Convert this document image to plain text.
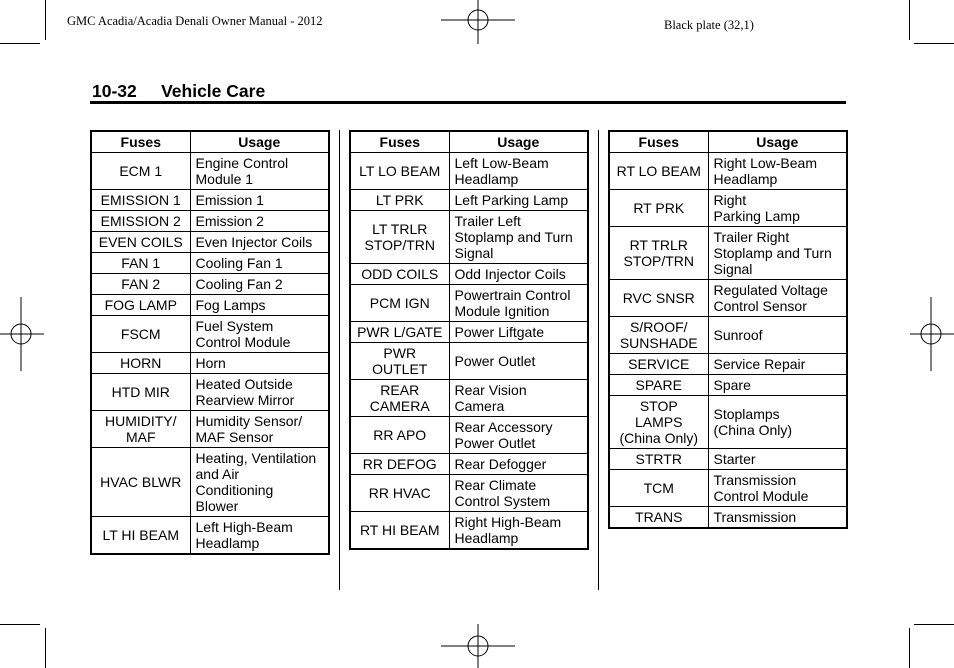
GMC Acadia/Acadia Denali Owner Manual - 2012	Black plate (32,1)
10-32 Vehicle Care
Fuses	Usage
ECM 1	Engine Control
Module 1
EMISSION 1	Emission 1
EMISSION 2	Emission 2
EVEN COILS	Even Injector Coils
FAN 1	Cooling Fan 1
FAN 2	Cooling Fan 2
FOG LAMP	Fog Lamps
FSCM	Fuel System
Control Module
HORN	Horn
HTD MIR	Heated Outside
Rearview Mirror
HUMIDITY/
MAF	Humidity Sensor/
MAF Sensor
HVAC BLWR	Heating, Ventilation
and Air
Conditioning
Blower
LT HI BEAM	Left High-Beam
Headlamp
Fuses	Usage
LT LO BEAM	Left Low-Beam
Headlamp
LT PRK	Left Parking Lamp
LT TRLR
STOP/TRN	Trailer Left
Stoplamp and Turn
Signal
ODD COILS	Odd Injector Coils
PCM IGN	Powertrain Control
Module Ignition
PWR L/GATE	Power Liftgate
PWR
OUTLET	Power Outlet
REAR
CAMERA	Rear Vision
Camera
RR APO	Rear Accessory
Power Outlet
RR DEFOG	Rear Defogger
RR HVAC	Rear Climate
Control System
RT HI BEAM	Right High-Beam
Headlamp
Fuses	Usage
RT LO BEAM	Right Low-Beam
Headlamp
RT PRK	Right
Parking Lamp
RT TRLR
STOP/TRN	Trailer Right
Stoplamp and Turn
Signal
RVC SNSR	Regulated Voltage
Control Sensor
S/ROOF/
SUNSHADE	Sunroof
SERVICE	Service Repair
SPARE	Spare
STOP
LAMPS
(China Only)	Stoplamps
(China Only)
STRTR	Starter
TCM	Transmission
Control Module
TRANS	Transmission
